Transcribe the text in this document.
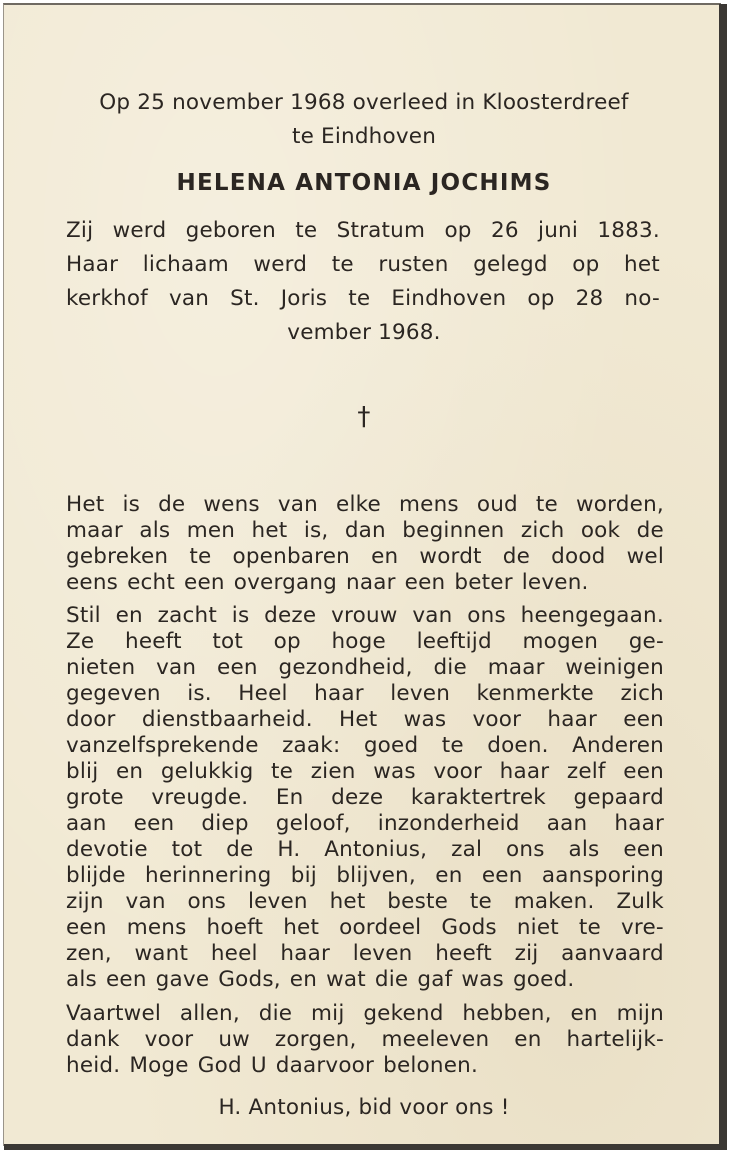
Op 25 november 1968 overleed in Kloosterdreef
te Eindhoven
HELENA ANTONIA JOCHIMS
Zij werd geboren te Stratum op 26 juni 1883.
Haar lichaam werd te rusten gelegd op het
kerkhof van St. Joris te Eindhoven op 28 no-
vember 1968.
†
Het is de wens van elke mens oud te worden,
maar als men het is, dan beginnen zich ook de
gebreken te openbaren en wordt de dood wel
eens echt een overgang naar een beter leven.
Stil en zacht is deze vrouw van ons heengegaan.
Ze heeft tot op hoge leeftijd mogen ge-
nieten van een gezondheid, die maar weinigen
gegeven is. Heel haar leven kenmerkte zich
door dienstbaarheid. Het was voor haar een
vanzelfsprekende zaak: goed te doen. Anderen
blij en gelukkig te zien was voor haar zelf een
grote vreugde. En deze karaktertrek gepaard
aan een diep geloof, inzonderheid aan haar
devotie tot de H. Antonius, zal ons als een
blijde herinnering bij blijven, en een aansporing
zijn van ons leven het beste te maken. Zulk
een mens hoeft het oordeel Gods niet te vre-
zen, want heel haar leven heeft zij aanvaard
als een gave Gods, en wat die gaf was goed.
Vaartwel allen, die mij gekend hebben, en mijn
dank voor uw zorgen, meeleven en hartelijk-
heid. Moge God U daarvoor belonen.
H. Antonius, bid voor ons !
